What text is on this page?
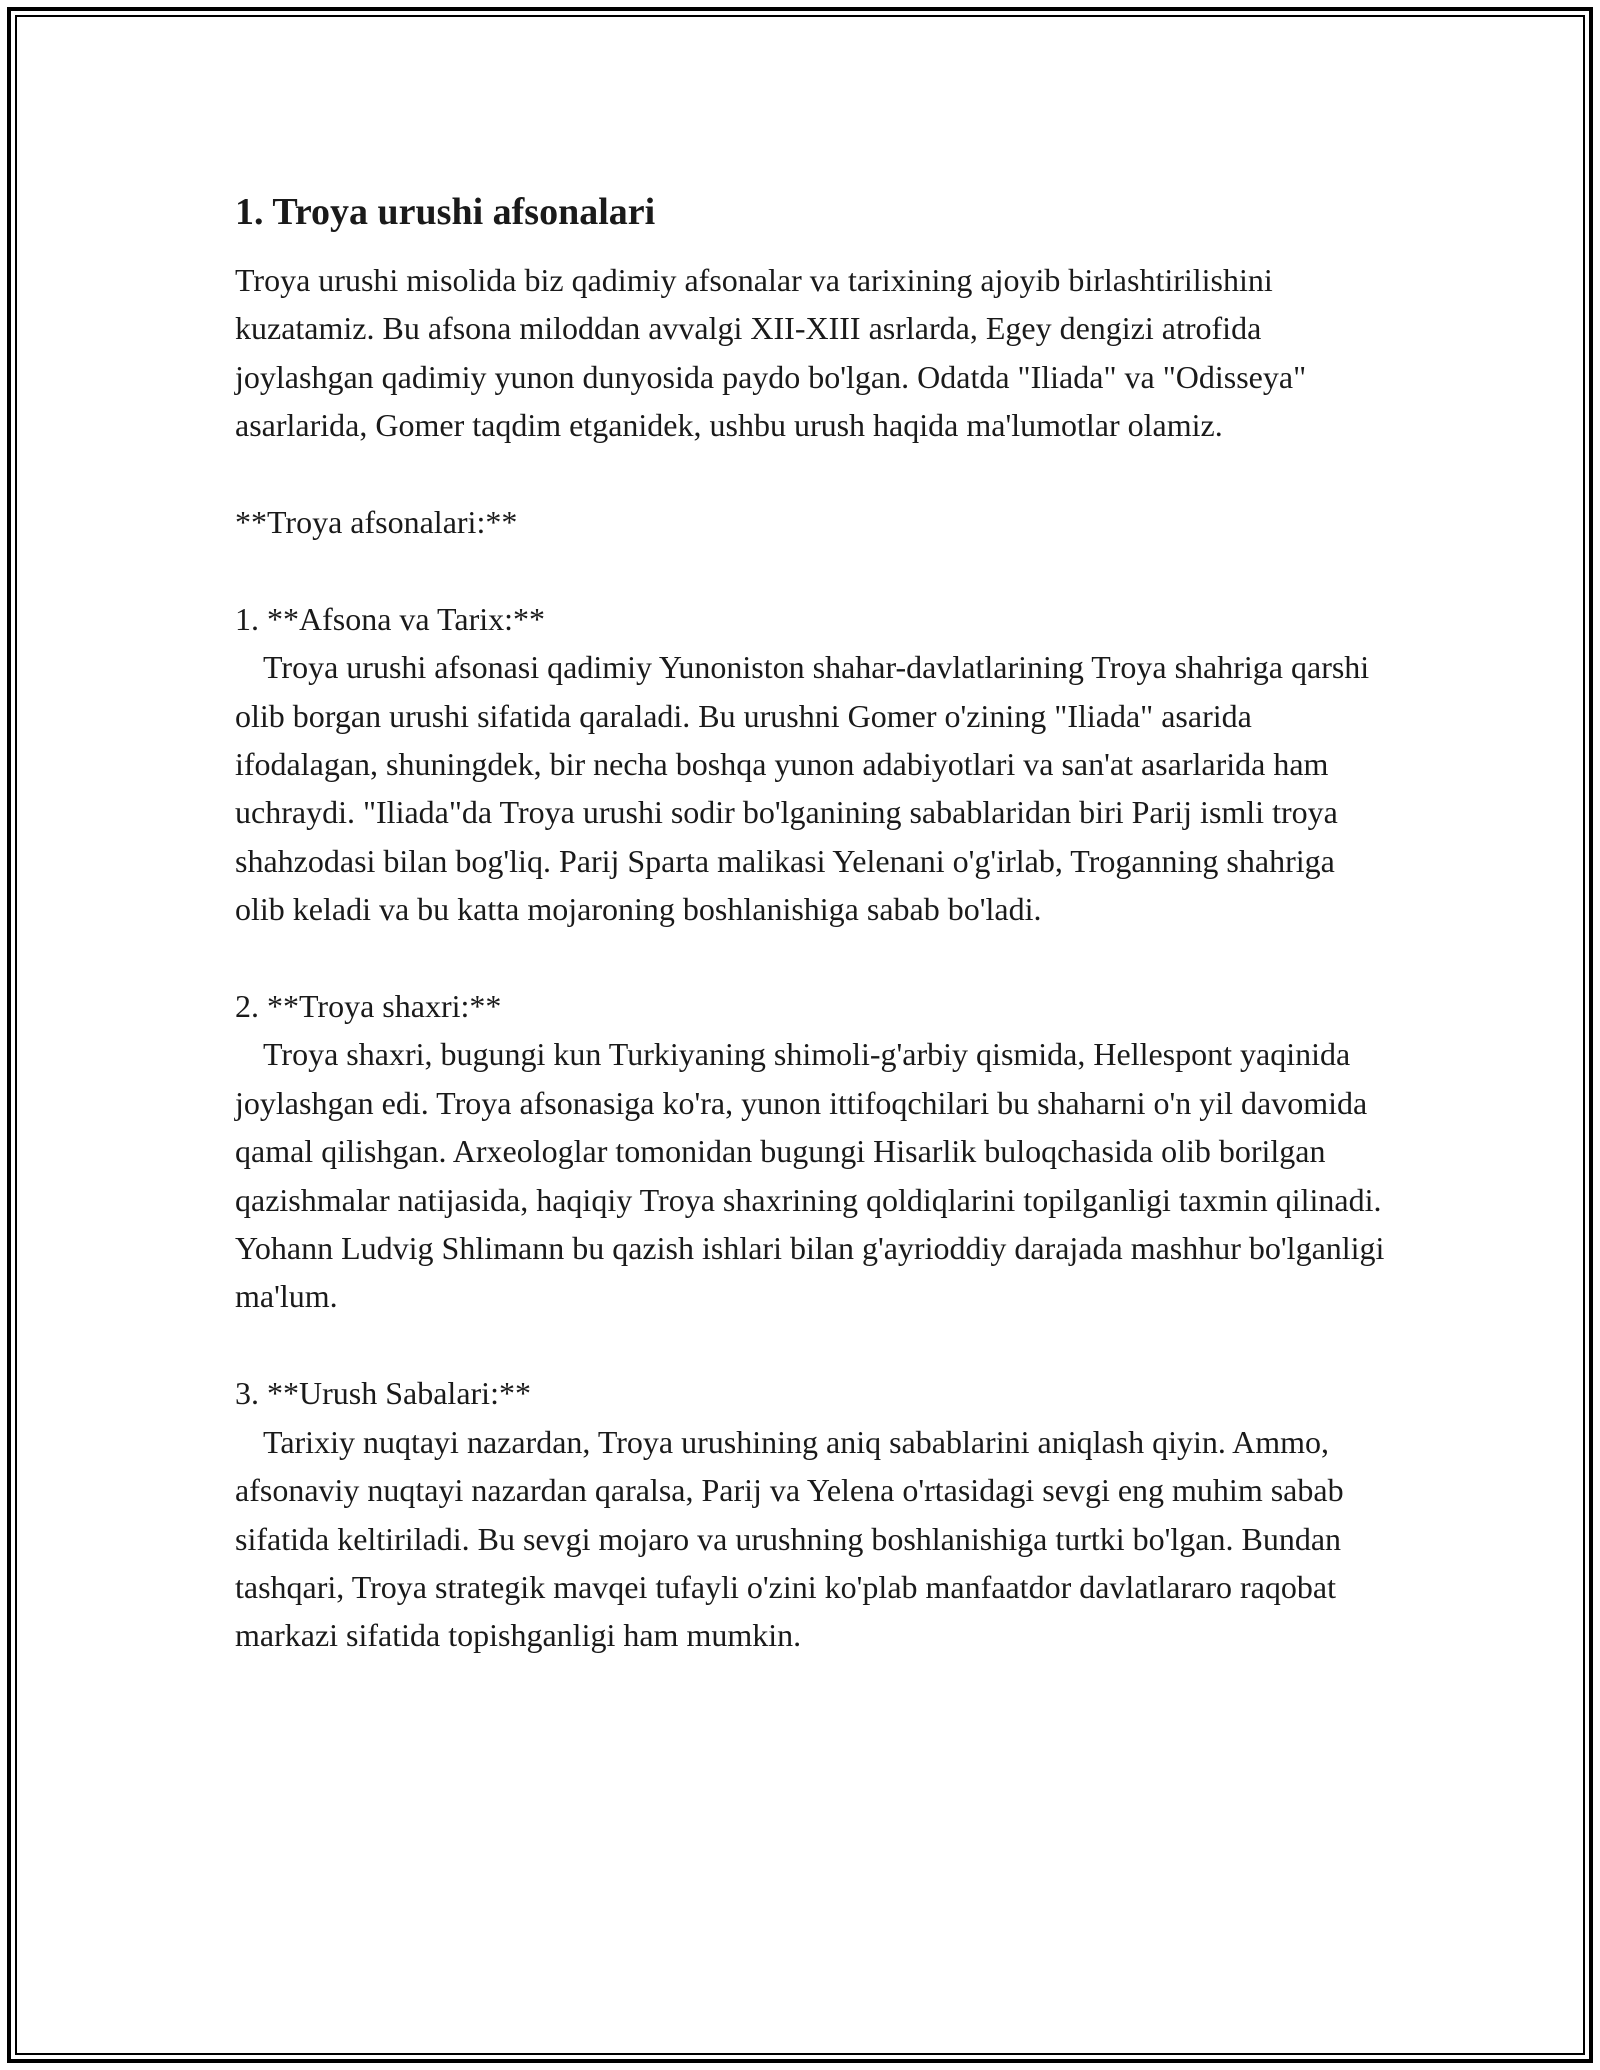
1. Troya urushi afsonalari

Troya urushi misolida biz qadimiy afsonalar va tarixining ajoyib birlashtirilishini kuzatamiz. Bu afsona miloddan avvalgi XII-XIII asrlarda, Egey dengizi atrofida joylashgan qadimiy yunon dunyosida paydo bo'lgan. Odatda "Iliada" va "Odisseya" asarlarida, Gomer taqdim etganidek, ushbu urush haqida ma'lumotlar olamiz.

**Troya afsonalari:**

1. **Afsona va Tarix:**

Troya urushi afsonasi qadimiy Yunoniston shahar-davlatlarining Troya shahriga qarshi olib borgan urushi sifatida qaraladi. Bu urushni Gomer o'zining "Iliada" asarida ifodalagan, shuningdek, bir necha boshqa yunon adabiyotlari va san'at asarlarida ham uchraydi. "Iliada"da Troya urushi sodir bo'lganining sabablaridan biri Parij ismli troya shahzodasi bilan bog'liq. Parij Sparta malikasi Yelenani o'g'irlab, Troganning shahriga olib keladi va bu katta mojaroning boshlanishiga sabab bo'ladi.

2. **Troya shaxri:**

Troya shaxri, bugungi kun Turkiyaning shimoli-g'arbiy qismida, Hellespont yaqinida joylashgan edi. Troya afsonasiga ko'ra, yunon ittifoqchilari bu shaharni o'n yil davomida qamal qilishgan. Arxeologlar tomonidan bugungi Hisarlik buloqchasida olib borilgan qazishmalar natijasida, haqiqiy Troya shaxrining qoldiqlarini topilganligi taxmin qilinadi. Yohann Ludvig Shlimann bu qazish ishlari bilan g'ayrioddiy darajada mashhur bo'lganligi ma'lum.

3. **Urush Sabalari:**

Tarixiy nuqtayi nazardan, Troya urushining aniq sabablarini aniqlash qiyin. Ammo, afsonaviy nuqtayi nazardan qaralsa, Parij va Yelena o'rtasidagi sevgi eng muhim sabab sifatida keltiriladi. Bu sevgi mojaro va urushning boshlanishiga turtki bo'lgan. Bundan tashqari, Troya strategik mavqei tufayli o'zini ko'plab manfaatdor davlatlararo raqobat markazi sifatida topishganligi ham mumkin.
